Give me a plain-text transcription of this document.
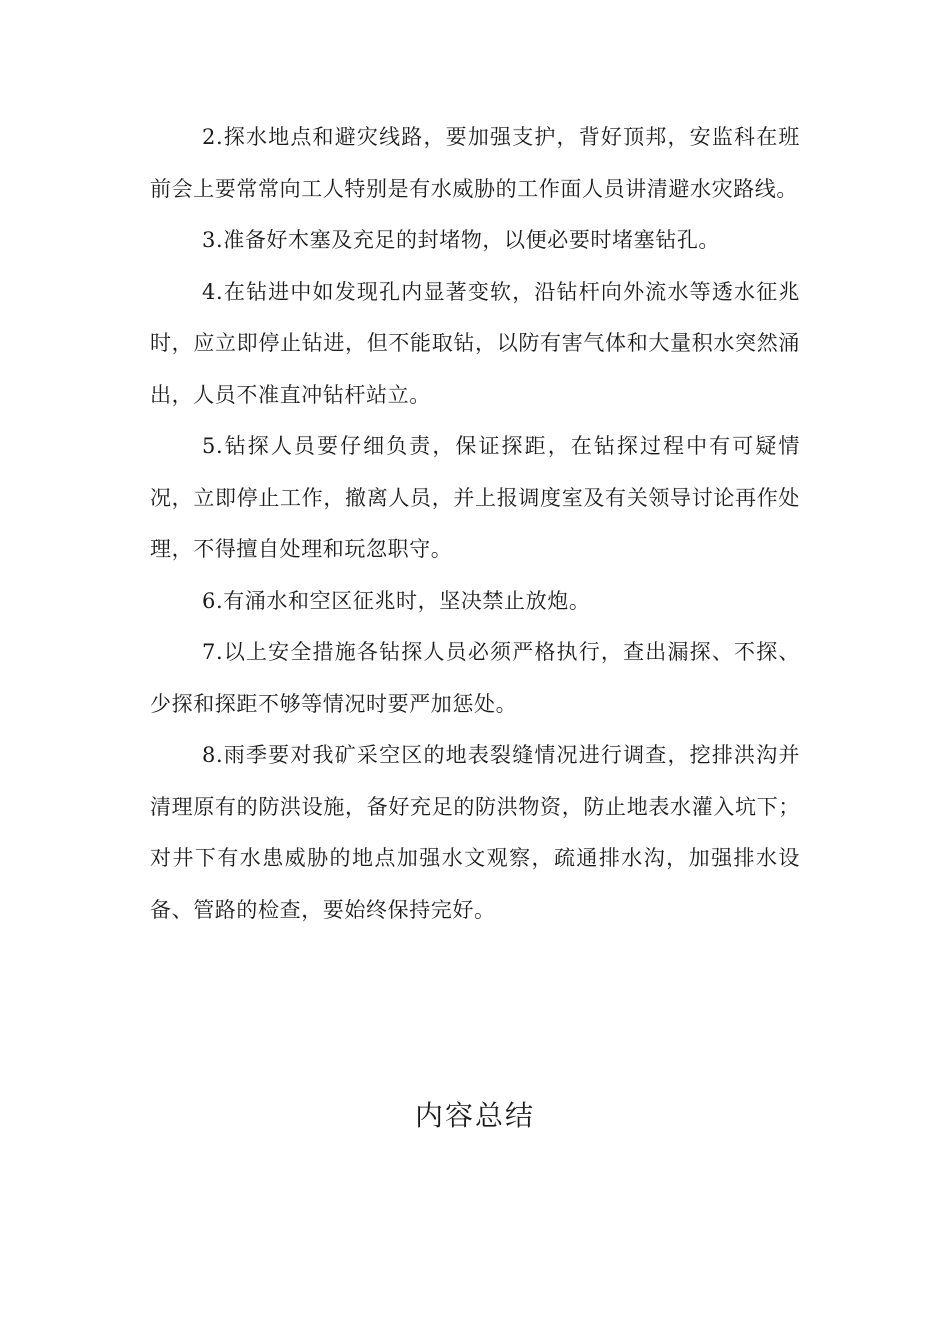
2.探水地点和避灾线路，要加强支护，背好顶邦，安监科在班前会上要常常向工人特别是有水威胁的工作面人员讲清避水灾路线。

3.准备好木塞及充足的封堵物，以便必要时堵塞钻孔。

4.在钻进中如发现孔内显著变软，沿钻杆向外流水等透水征兆时，应立即停止钻进，但不能取钻，以防有害气体和大量积水突然涌出，人员不准直冲钻杆站立。

5.钻探人员要仔细负责，保证探距，在钻探过程中有可疑情况，立即停止工作，撤离人员，并上报调度室及有关领导讨论再作处理，不得擅自处理和玩忽职守。

6.有涌水和空区征兆时，坚决禁止放炮。

7.以上安全措施各钻探人员必须严格执行，查出漏探、不探、少探和探距不够等情况时要严加惩处。

8.雨季要对我矿采空区的地表裂缝情况进行调查，挖排洪沟并清理原有的防洪设施，备好充足的防洪物资，防止地表水灌入坑下；对井下有水患威胁的地点加强水文观察，疏通排水沟，加强排水设备、管路的检查，要始终保持完好。

内容总结
